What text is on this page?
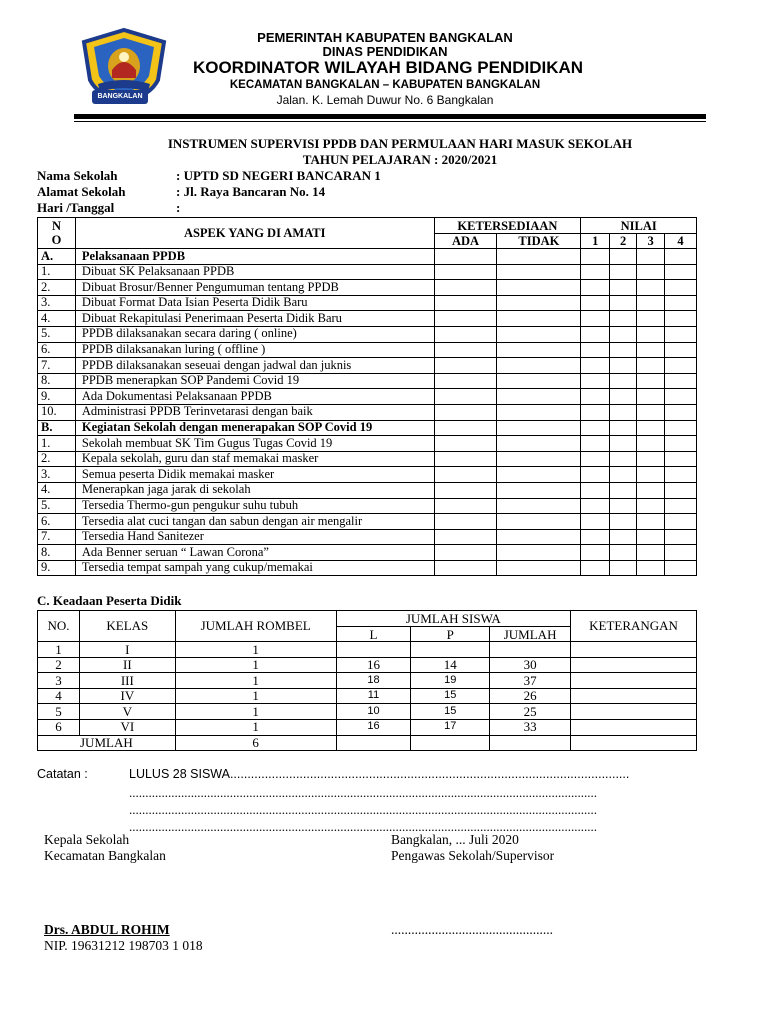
BANGKALAN
PEMERINTAH KABUPATEN BANGKALAN
DINAS PENDIDIKAN
KOORDINATOR WILAYAH BIDANG PENDIDIKAN
KECAMATAN BANGKALAN – KABUPATEN BANGKALAN
Jalan. K. Lemah Duwur No. 6 Bangkalan
INSTRUMEN SUPERVISI PPDB DAN PERMULAAN HARI MASUK SEKOLAH
TAHUN PELAJARAN : 2020/2021
Nama Sekolah	: UPTD SD NEGERI BANCARAN 1
Alamat Sekolah	: Jl. Raya Bancaran No. 14
Hari /Tanggal	:
N
O	ASPEK YANG DI AMATI	KETERSEDIAAN		NILAI			
		ADA	TIDAK	1	2	3	4
A.	Pelaksanaan PPDB						
1.	Dibuat SK Pelaksanaan PPDB						
2.	Dibuat Brosur/Benner Pengumuman tentang PPDB						
3.	Dibuat Format Data Isian Peserta Didik Baru						
4.	Dibuat Rekapitulasi Penerimaan Peserta Didik Baru						
5.	PPDB dilaksanakan secara daring ( online)						
6.	PPDB dilaksanakan luring ( offline )						
7.	PPDB dilaksanakan seseuai dengan jadwal dan juknis						
8.	PPDB menerapkan SOP Pandemi Covid 19						
9.	Ada Dokumentasi Pelaksanaan PPDB						
10.	Administrasi PPDB Terinvetarasi dengan baik						
B.	Kegiatan Sekolah dengan menerapakan SOP Covid 19						
1.	Sekolah membuat SK Tim Gugus Tugas Covid 19						
2.	Kepala sekolah, guru dan staf memakai masker						
3.	Semua peserta Didik memakai masker						
4.	Menerapkan jaga jarak di sekolah						
5.	Tersedia Thermo-gun pengukur suhu tubuh						
6.	Tersedia alat cuci tangan dan sabun dengan air mengalir						
7.	Tersedia Hand Sanitezer						
8.	Ada Benner seruan “ Lawan Corona”						
9.	Tersedia tempat sampah yang cukup/memakai						
C. Keadaan Peserta Didik
NO.	KELAS	JUMLAH ROMBEL	JUMLAH SISWA			KETERANGAN
			L	P	JUMLAH	
1	I	1				
2	II	1	16	14	30	
3	III	1	18	19	37	
4	IV	1	11	15	26	
5	V	1	10	15	25	
6	VI	1	16	17	33	
JUMLAH		6				
Catatan :	LULUS 28 SISWA...................................................................................................................
................................................................................................................................................
................................................................................................................................................
................................................................................................................................................
Kepala Sekolah
Kecamatan Bangkalan
Bangkalan, ... Juli 2020
Pengawas Sekolah/Supervisor
Drs. ABDUL ROHIM
NIP. 19631212 198703 1 018
................................................
